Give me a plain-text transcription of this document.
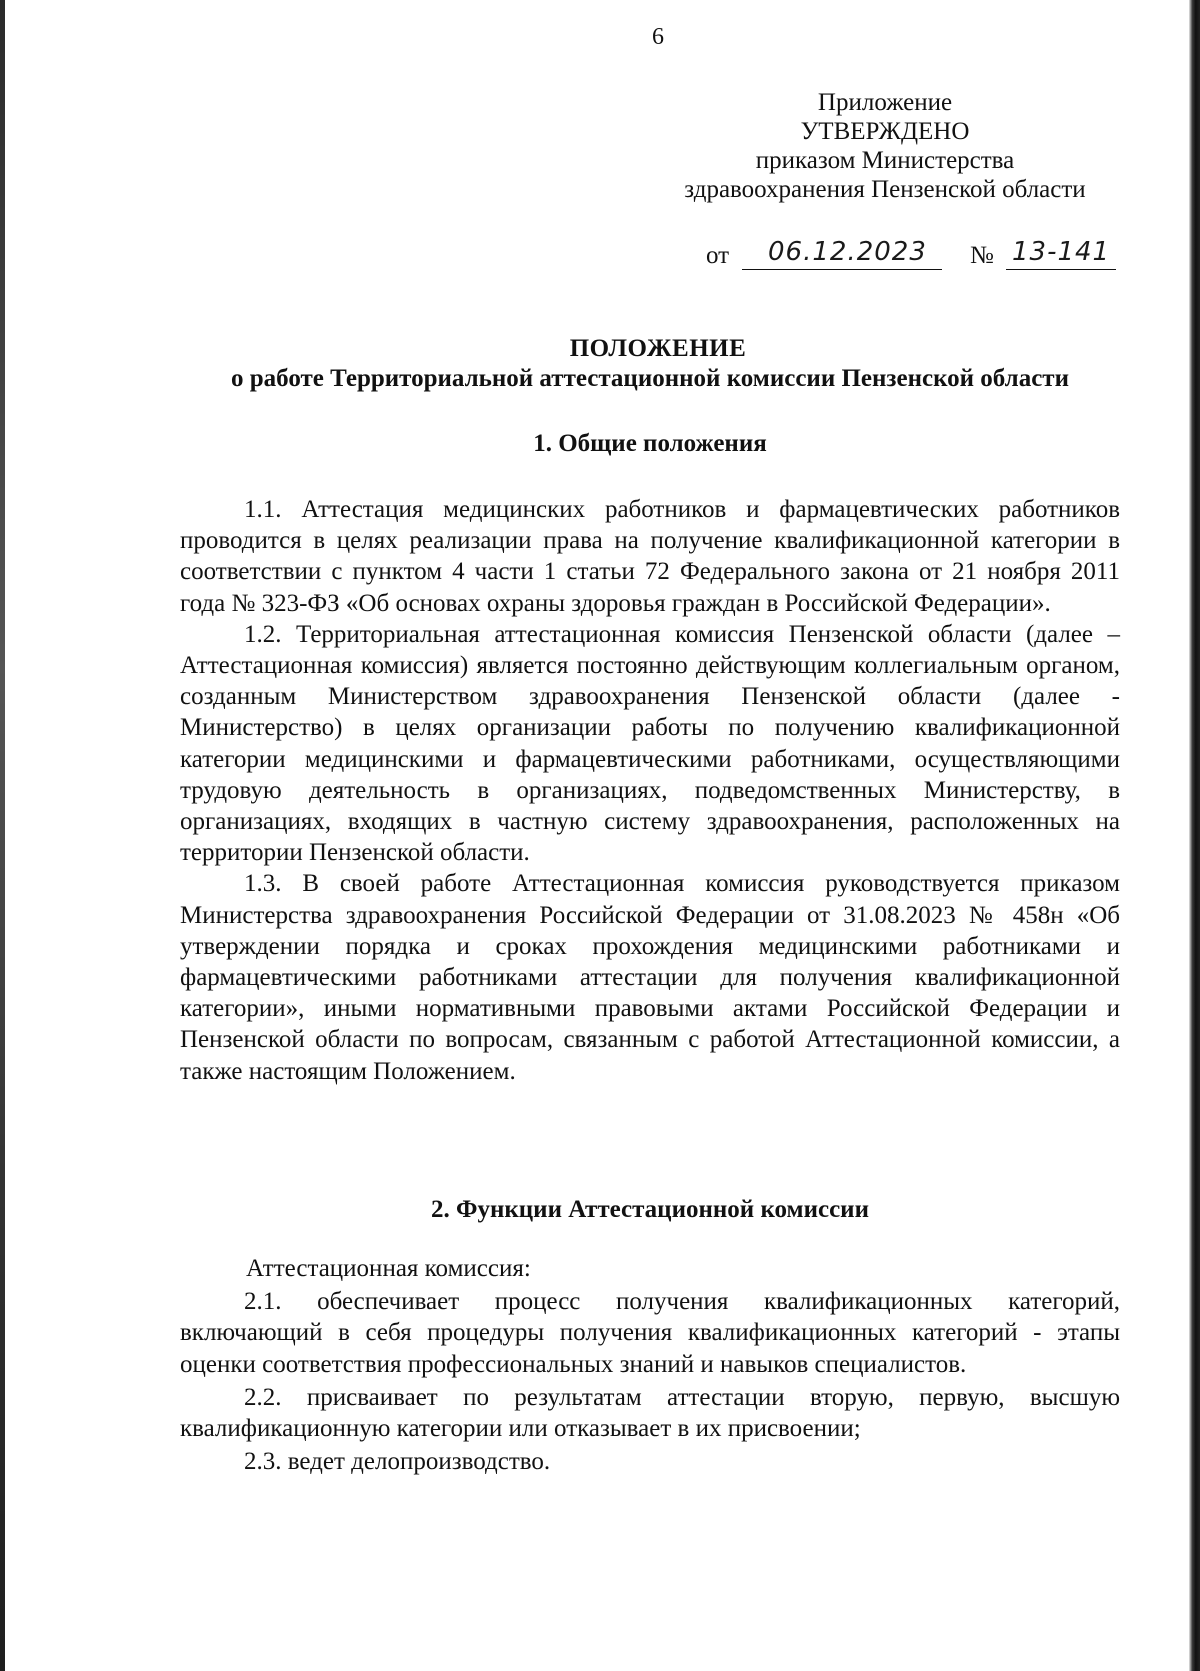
6
Приложение
УТВЕРЖДЕНО
приказом Министерства
здравоохранения Пензенской области
от 06.12.2023 № 13-141
ПОЛОЖЕНИЕ
о работе Территориальной аттестационной комиссии Пензенской области
1. Общие положения

1.1. Аттестация медицинских работников и фармацевтических работников проводится в целях реализации права на получение квалификационной категории в соответствии с пунктом 4 части 1 статьи 72 Федерального закона от 21 ноября 2011 года № 323-ФЗ «Об основах охраны здоровья граждан в Российской Федерации».

1.2. Территориальная аттестационная комиссия Пензенской области (далее – Аттестационная комиссия) является постоянно действующим коллегиальным органом, созданным Министерством здравоохранения Пензенской области (далее - Министерство) в целях организации работы по получению квалификационной категории медицинскими и фармацевтическими работниками, осуществляющими трудовую деятельность в организациях, подведомственных Министерству, в организациях, входящих в частную систему здравоохранения, расположенных на территории Пензенской области.

1.3. В своей работе Аттестационная комиссия руководствуется приказом Министерства здравоохранения Российской Федерации от 31.08.2023 № 458н «Об утверждении порядка и сроках прохождения медицинскими работниками и фармацевтическими работниками аттестации для получения квалификационной категории», иными нормативными правовыми актами Российской Федерации и Пензенской области по вопросам, связанным с работой Аттестационной комиссии, а также настоящим Положением.

2. Функции Аттестационной комиссии

Аттестационная комиссия:

2.1. обеспечивает процесс получения квалификационных категорий, включающий в себя процедуры получения квалификационных категорий - этапы оценки соответствия профессиональных знаний и навыков специалистов.

2.2. присваивает по результатам аттестации вторую, первую, высшую квалификационную категории или отказывает в их присвоении;

2.3. ведет делопроизводство.
